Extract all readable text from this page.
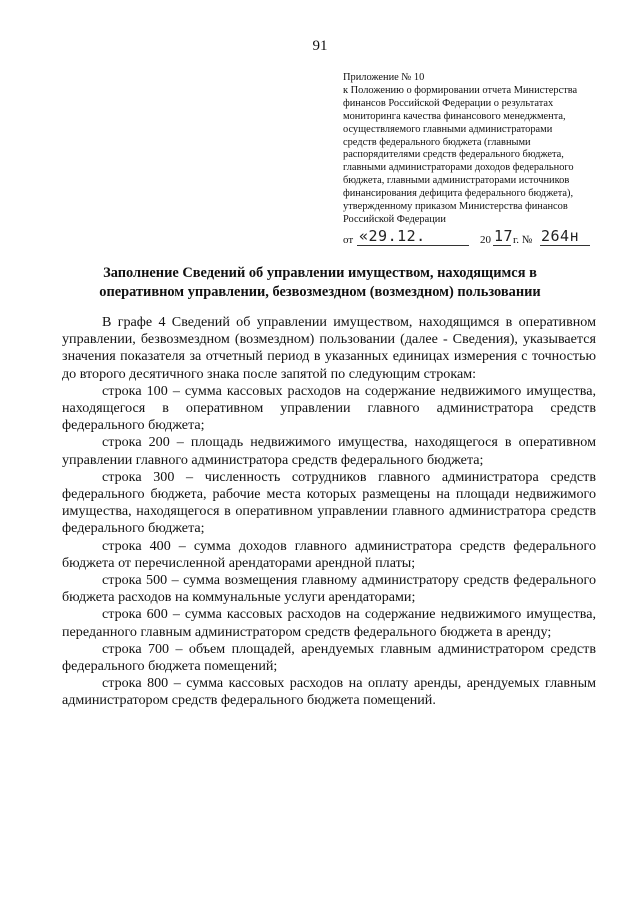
91
Приложение № 10
к Положению о формировании отчета Министерства
финансов Российской Федерации о результатах
мониторинга качества финансового менеджмента,
осуществляемого главными администраторами
средств федерального бюджета (главными
распорядителями средств федерального бюджета,
главными администраторами доходов федерального
бюджета, главными администраторами источников
финансирования дефицита федерального бюджета),
утвержденному приказом Министерства финансов
Российской Федерации
от «29.12.	20 17 г. № 264н
Заполнение Сведений об управлении имуществом, находящимся в
оперативном управлении, безвозмездном (возмездном) пользовании

В графе 4 Сведений об управлении имуществом, находящимся в оперативном управлении, безвозмездном (возмездном) пользовании (далее - Сведения), указывается значения показателя за отчетный период в указанных единицах измерения с точностью до второго десятичного знака после запятой по следующим строкам:

строка 100 – сумма кассовых расходов на содержание недвижимого имущества, находящегося в оперативном управлении главного администратора средств федерального бюджета;

строка 200 – площадь недвижимого имущества, находящегося в оперативном управлении главного администратора средств федерального бюджета;

строка 300 – численность сотрудников главного администратора средств федерального бюджета, рабочие места которых размещены на площади недвижимого имущества, находящегося в оперативном управлении главного администратора средств федерального бюджета;

строка 400 – сумма доходов главного администратора средств федерального бюджета от перечисленной арендаторами арендной платы;

строка 500 – сумма возмещения главному администратору средств федерального бюджета расходов на коммунальные услуги арендаторами;

строка 600 – сумма кассовых расходов на содержание недвижимого имущества, переданного главным администратором средств федерального бюджета в аренду;

строка 700 – объем площадей, арендуемых главным администратором средств федерального бюджета помещений;

строка 800 – сумма кассовых расходов на оплату аренды, арендуемых главным администратором средств федерального бюджета помещений.
